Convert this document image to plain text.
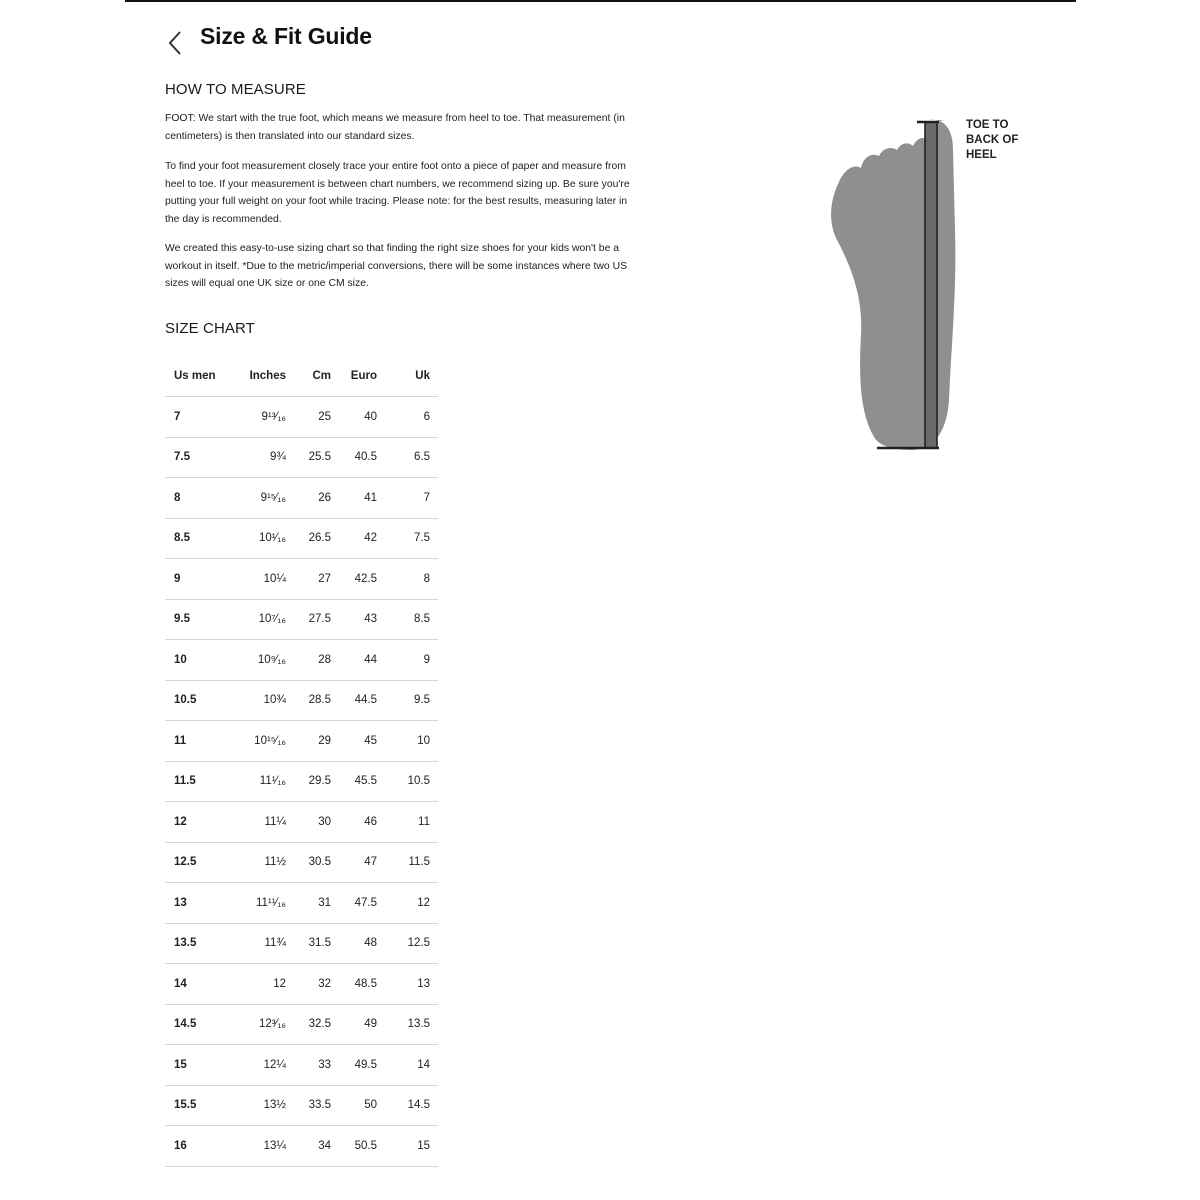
Size & Fit Guide
HOW TO MEASURE

FOOT: We start with the true foot, which means we measure from heel to toe. That measurement (in centimeters) is then translated into our standard sizes.

To find your foot measurement closely trace your entire foot onto a piece of paper and measure from heel to toe. If your measurement is between chart numbers, we recommend sizing up. Be sure you're putting your full weight on your foot while tracing. Please note: for the best results, measuring later in the day is recommended.

We created this easy-to-use sizing chart so that finding the right size shoes for your kids won't be a workout in itself. *Due to the metric/imperial conversions, there will be some instances where two US sizes will equal one UK size or one CM size.

SIZE CHART
Us men	Inches	Cm	Euro	Uk
7	9¹³⁄₁₆	25	40	6
7.5	9¾	25.5	40.5	6.5
8	9¹⁵⁄₁₆	26	41	7
8.5	10¹⁄₁₆	26.5	42	7.5
9	10¼	27	42.5	8
9.5	10⁷⁄₁₆	27.5	43	8.5
10	10⁹⁄₁₆	28	44	9
10.5	10¾	28.5	44.5	9.5
11	10¹⁵⁄₁₆	29	45	10
11.5	11¹⁄₁₆	29.5	45.5	10.5
12	11¼	30	46	11
12.5	11½	30.5	47	11.5
13	11¹¹⁄₁₆	31	47.5	12
13.5	11¾	31.5	48	12.5
14	12	32	48.5	13
14.5	12³⁄₁₆	32.5	49	13.5
15	12¼	33	49.5	14
15.5	13½	33.5	50	14.5
16	13¼	34	50.5	15

TOE TO BACK OF HEEL
